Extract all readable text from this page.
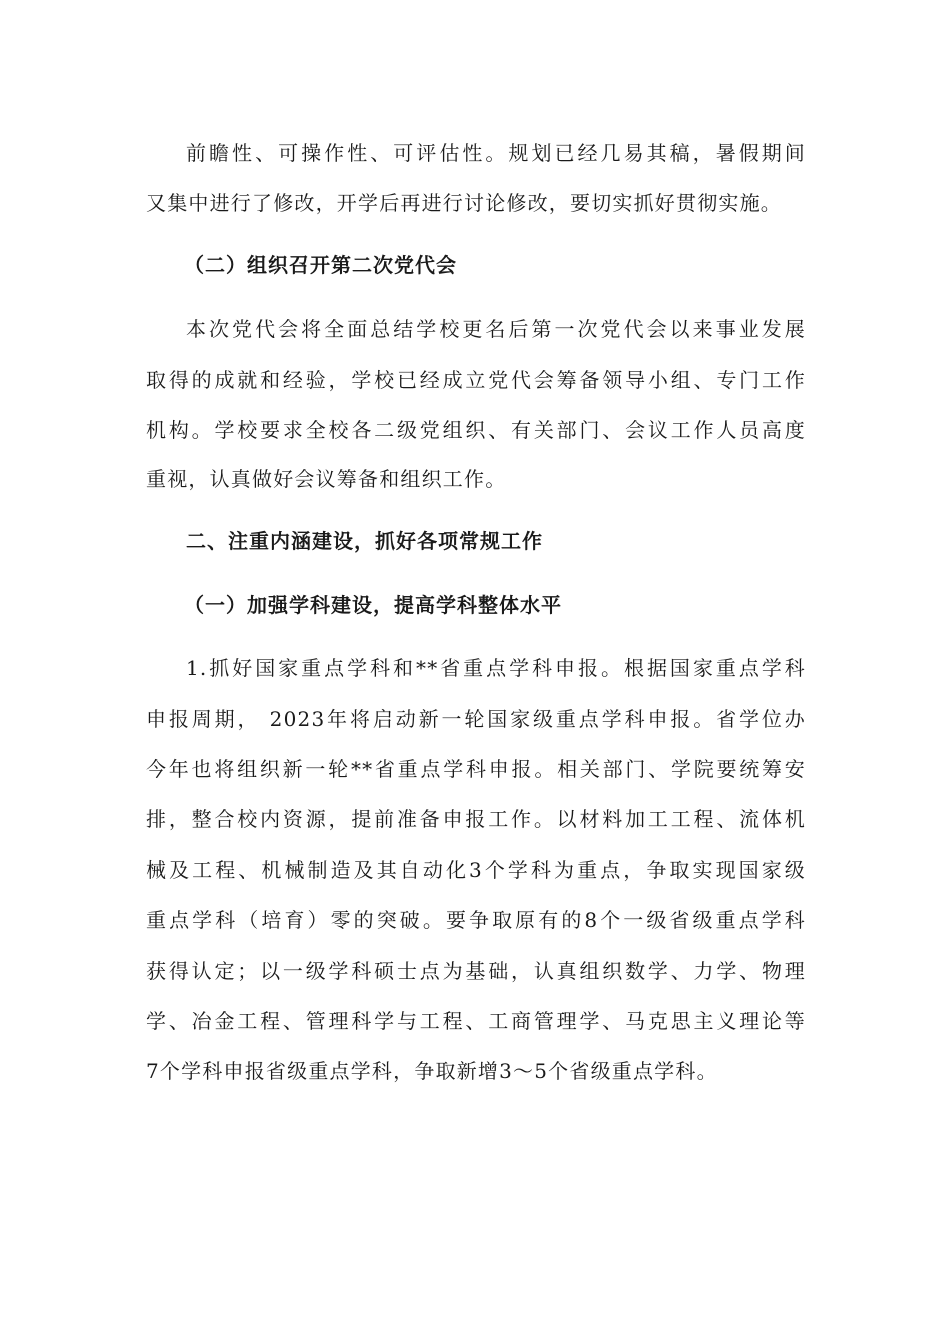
前瞻性、可操作性、可评估性。规划已经几易其稿，暑假期间
又集中进行了修改，开学后再进行讨论修改，要切实抓好贯彻实施。
（二）组织召开第二次党代会
本次党代会将全面总结学校更名后第一次党代会以来事业发展
取得的成就和经验，学校已经成立党代会筹备领导小组、专门工作
机构。学校要求全校各二级党组织、有关部门、会议工作人员高度
重视，认真做好会议筹备和组织工作。
二、注重内涵建设，抓好各项常规工作
（一）加强学科建设，提高学科整体水平
1.抓好国家重点学科和**省重点学科申报。根据国家重点学科
申报周期， 2023年将启动新一轮国家级重点学科申报。省学位办
今年也将组织新一轮**省重点学科申报。相关部门、学院要统筹安
排，整合校内资源，提前准备申报工作。以材料加工工程、流体机
械及工程、机械制造及其自动化3个学科为重点，争取实现国家级
重点学科（培育）零的突破。要争取原有的8个一级省级重点学科
获得认定；以一级学科硕士点为基础，认真组织数学、力学、物理
学、冶金工程、管理科学与工程、工商管理学、马克思主义理论等
7个学科申报省级重点学科，争取新增3～5个省级重点学科。
